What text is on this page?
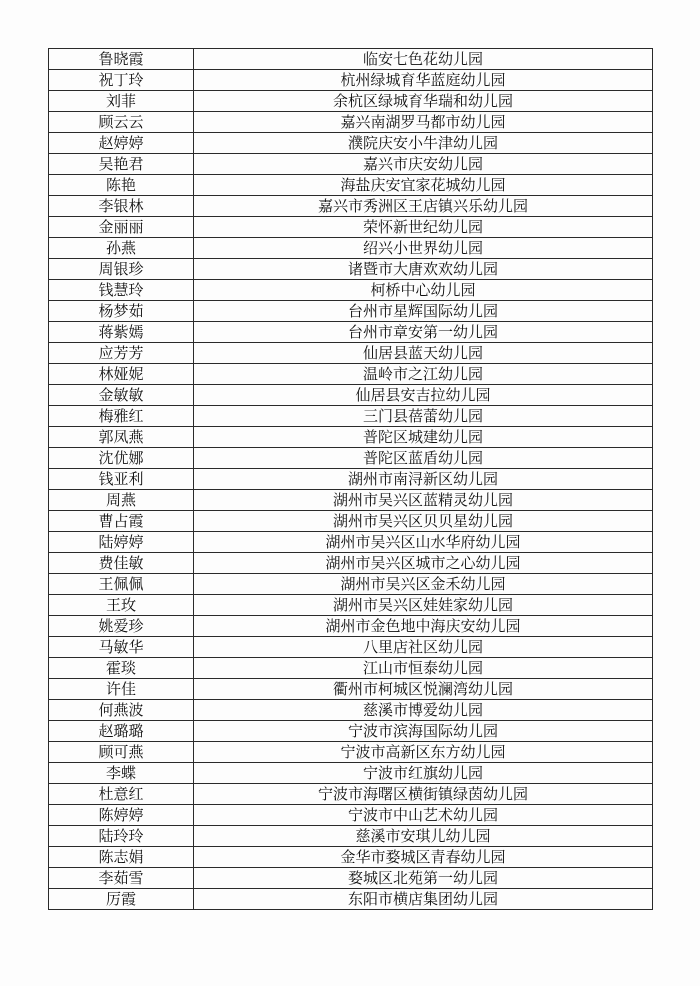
鲁晓霞	临安七色花幼儿园
祝丁玲	杭州绿城育华蓝庭幼儿园
刘菲	余杭区绿城育华瑞和幼儿园
顾云云	嘉兴南湖罗马都市幼儿园
赵婷婷	濮院庆安小牛津幼儿园
吴艳君	嘉兴市庆安幼儿园
陈艳	海盐庆安宜家花城幼儿园
李银林	嘉兴市秀洲区王店镇兴乐幼儿园
金丽丽	荣怀新世纪幼儿园
孙燕	绍兴小世界幼儿园
周银珍	诸暨市大唐欢欢幼儿园
钱慧玲	柯桥中心幼儿园
杨梦茹	台州市星辉国际幼儿园
蒋紫嫣	台州市章安第一幼儿园
应芳芳	仙居县蓝天幼儿园
林娅妮	温岭市之江幼儿园
金敏敏	仙居县安吉拉幼儿园
梅雅红	三门县蓓蕾幼儿园
郭凤燕	普陀区城建幼儿园
沈优娜	普陀区蓝盾幼儿园
钱亚利	湖州市南浔新区幼儿园
周燕	湖州市吴兴区蓝精灵幼儿园
曹占霞	湖州市吴兴区贝贝星幼儿园
陆婷婷	湖州市吴兴区山水华府幼儿园
费佳敏	湖州市吴兴区城市之心幼儿园
王佩佩	湖州市吴兴区金禾幼儿园
王玫	湖州市吴兴区娃娃家幼儿园
姚爱珍	湖州市金色地中海庆安幼儿园
马敏华	八里店社区幼儿园
霍琰	江山市恒泰幼儿园
许佳	衢州市柯城区悦澜湾幼儿园
何燕波	慈溪市博爱幼儿园
赵璐璐	宁波市滨海国际幼儿园
顾可燕	宁波市高新区东方幼儿园
李蝶	宁波市红旗幼儿园
杜意红	宁波市海曙区横街镇绿茵幼儿园
陈婷婷	宁波市中山艺术幼儿园
陆玲玲	慈溪市安琪儿幼儿园
陈志娟	金华市婺城区青春幼儿园
李茹雪	婺城区北苑第一幼儿园
厉霞	东阳市横店集团幼儿园
